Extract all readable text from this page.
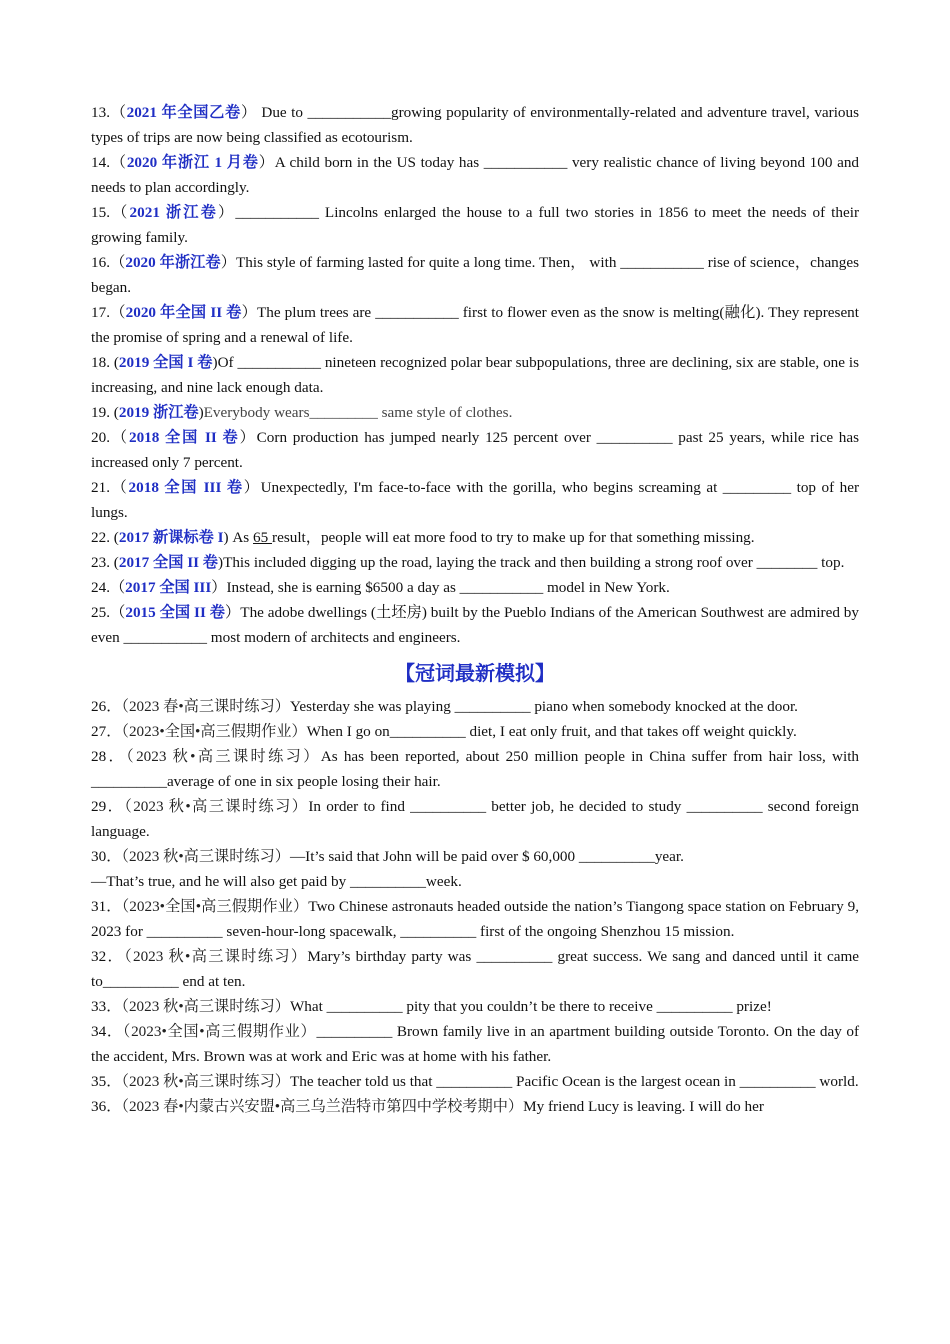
13.（2021 年全国乙卷） Due to ___________growing popularity of environmentally-related and adventure travel, various types of trips are now being classified as ecotourism.

14.（2020 年浙江 1 月卷）A child born in the US today has ___________ very realistic chance of living beyond 100 and needs to plan accordingly.

15.（2021 浙江卷）___________ Lincolns enlarged the house to a full two stories in 1856 to meet the needs of their growing family.

16.（2020 年浙江卷）This style of farming lasted for quite a long time. Then， with ___________ rise of science，changes began.

17.（2020 年全国 II 卷）The plum trees are ___________ first to flower even as the snow is melting(融化). They represent the promise of spring and a renewal of life.

18. (2019 全国 I 卷)Of ___________ nineteen recognized polar bear subpopulations, three are declining, six are stable, one is increasing, and nine lack enough data.

19. (2019 浙江卷)Everybody wears_________ same style of clothes.

20.（2018 全国 II 卷）Corn production has jumped nearly 125 percent over __________ past 25 years, while rice has increased only 7 percent.

21.（2018 全国 III 卷）Unexpectedly, I'm face-to-face with the gorilla, who begins screaming at _________ top of her lungs.

22. (2017 新课标卷 I) As 65 result，people will eat more food to try to make up for that something missing.

23. (2017 全国 II 卷)This included digging up the road, laying the track and then building a strong roof over ________ top.

24.（2017 全国 III）Instead, she is earning $6500 a day as ___________ model in New York.

25.（2015 全国 II 卷）The adobe dwellings (土坯房) built by the Pueblo Indians of the American Southwest are admired by even ___________ most modern of architects and engineers.

【冠词最新模拟】

26．（2023 春•高三课时练习）Yesterday she was playing __________ piano when somebody knocked at the door.

27．（2023•全国•高三假期作业）When I go on__________ diet, I eat only fruit, and that takes off weight quickly.

28．（2023 秋•高三课时练习）As has been reported, about 250 million people in China suffer from hair loss, with __________average of one in six people losing their hair.

29．（2023 秋•高三课时练习）In order to find __________ better job, he decided to study __________ second foreign language.

30．（2023 秋•高三课时练习）—It’s said that John will be paid over $ 60,000 __________year.

—That’s true, and he will also get paid by __________week.

31．（2023•全国•高三假期作业）Two Chinese astronauts headed outside the nation’s Tiangong space station on February 9, 2023 for __________ seven-hour-long spacewalk, __________ first of the ongoing Shenzhou 15 mission.

32．（2023 秋•高三课时练习）Mary’s birthday party was __________ great success. We sang and danced until it came to__________ end at ten.

33．（2023 秋•高三课时练习）What __________ pity that you couldn’t be there to receive __________ prize!

34．（2023•全国•高三假期作业）__________ Brown family live in an apartment building outside Toronto. On the day of the accident, Mrs. Brown was at work and Eric was at home with his father.

35．（2023 秋•高三课时练习）The teacher told us that __________ Pacific Ocean is the largest ocean in __________ world.

36．（2023 春•内蒙古兴安盟•高三乌兰浩特市第四中学校考期中）My friend Lucy is leaving. I will do her
